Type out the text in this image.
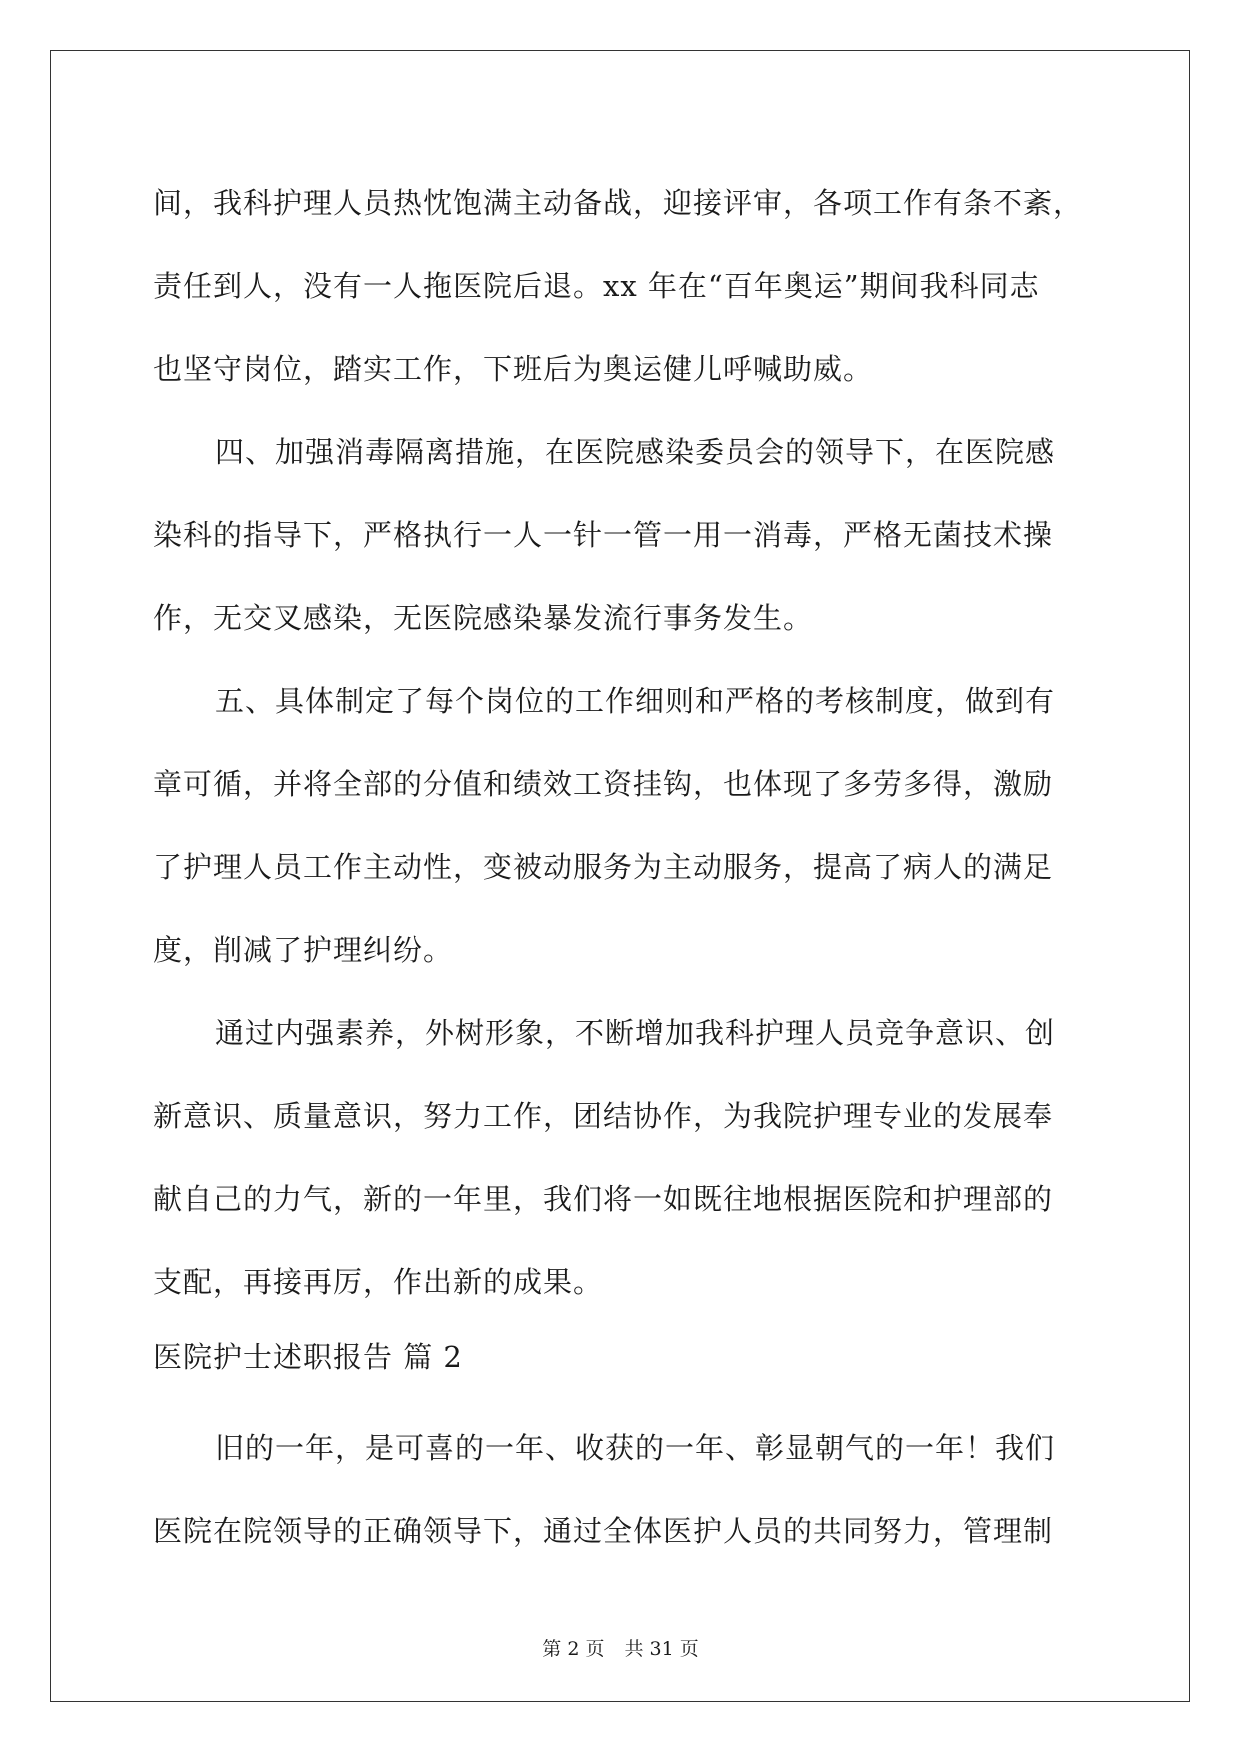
间，我科护理人员热忱饱满主动备战，迎接评审，各项工作有条不紊，
责任到人，没有一人拖医院后退。xx 年在“百年奥运”期间我科同志
也坚守岗位，踏实工作，下班后为奥运健儿呼喊助威。
四、加强消毒隔离措施，在医院感染委员会的领导下，在医院感
染科的指导下，严格执行一人一针一管一用一消毒，严格无菌技术操
作，无交叉感染，无医院感染暴发流行事务发生。
五、具体制定了每个岗位的工作细则和严格的考核制度，做到有
章可循，并将全部的分值和绩效工资挂钩，也体现了多劳多得，激励
了护理人员工作主动性，变被动服务为主动服务，提高了病人的满足
度，削减了护理纠纷。
通过内强素养，外树形象，不断增加我科护理人员竞争意识、创
新意识、质量意识，努力工作，团结协作，为我院护理专业的发展奉
献自己的力气，新的一年里，我们将一如既往地根据医院和护理部的
支配，再接再厉，作出新的成果。
医院护士述职报告 篇 2
旧的一年，是可喜的一年、收获的一年、彰显朝气的一年！我们
医院在院领导的正确领导下，通过全体医护人员的共同努力，管理制
第 2 页 共 31 页
